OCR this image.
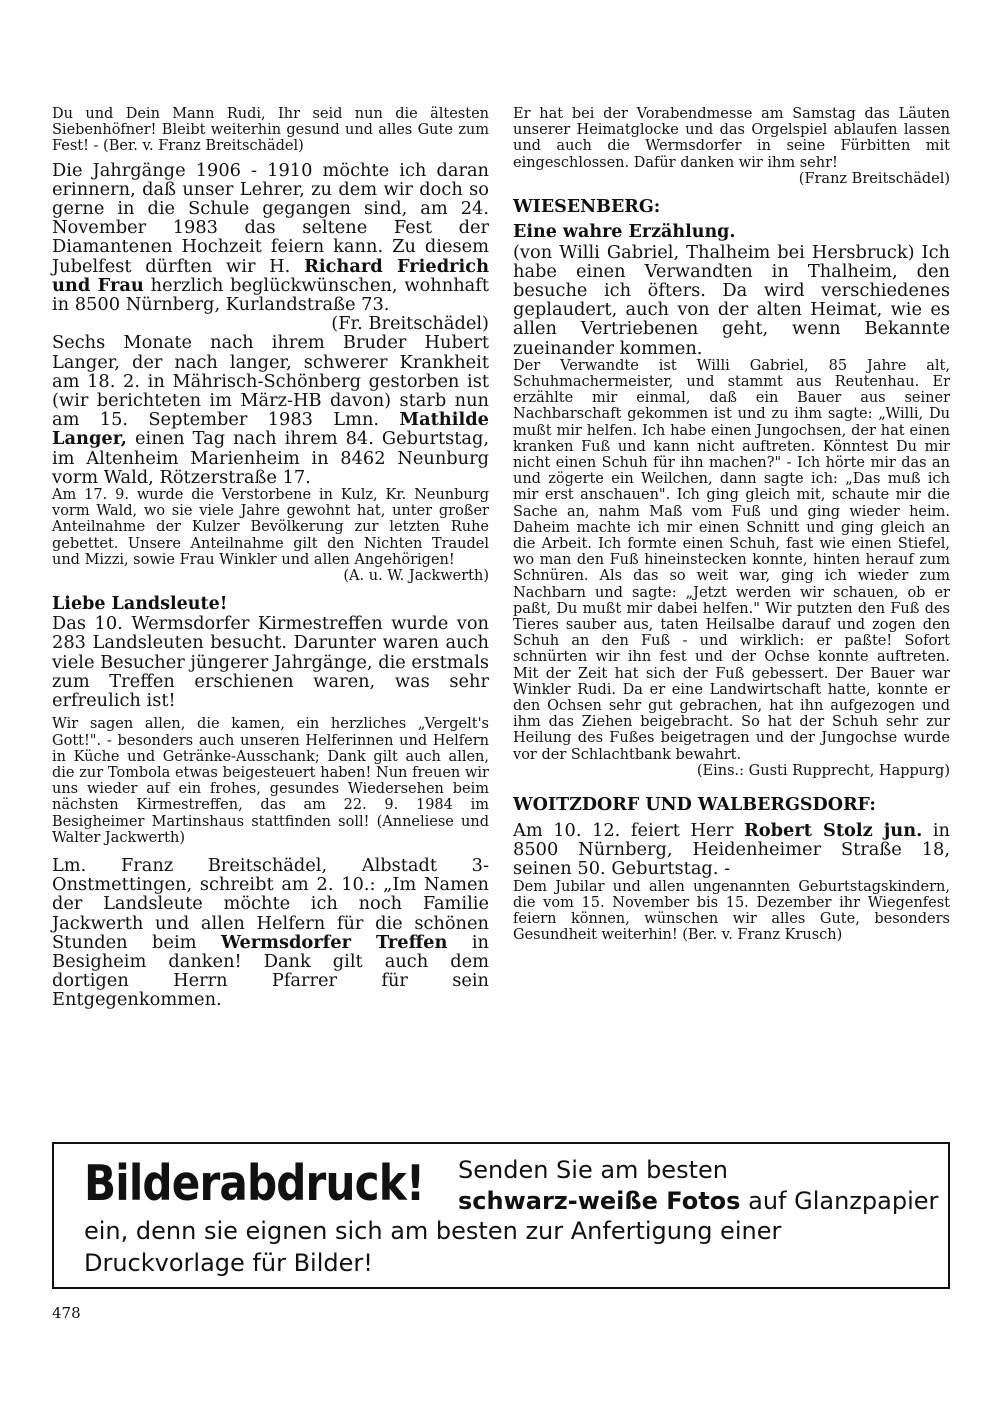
Du und Dein Mann Rudi, Ihr seid nun die ältesten Siebenhöfner! Bleibt weiterhin gesund und alles Gute zum Fest! - (Ber. v. Franz Breitschädel)

Die Jahrgänge 1906 - 1910 möchte ich daran erinnern, daß unser Lehrer, zu dem wir doch so gerne in die Schule gegangen sind, am 24. November 1983 das seltene Fest der Diamantenen Hochzeit feiern kann. Zu diesem Jubelfest dürften wir H. Richard Friedrich und Frau herzlich beglückwünschen, wohnhaft in 8500 Nürnberg, Kurlandstraße 73.

(Fr. Breitschädel)

Sechs Monate nach ihrem Bruder Hubert Langer, der nach langer, schwerer Krankheit am 18. 2. in Mährisch-Schönberg gestorben ist (wir berichteten im März-HB davon) starb nun am 15. September 1983 Lmn. Mathilde Langer, einen Tag nach ihrem 84. Geburtstag, im Altenheim Marienheim in 8462 Neunburg vorm Wald, Rötzerstraße 17.

Am 17. 9. wurde die Verstorbene in Kulz, Kr. Neunburg vorm Wald, wo sie viele Jahre gewohnt hat, unter großer Anteilnahme der Kulzer Bevölkerung zur letzten Ruhe gebettet. Unsere Anteilnahme gilt den Nichten Traudel und Mizzi, sowie Frau Winkler und allen Angehörigen!

(A. u. W. Jackwerth)

Liebe Landsleute!

Das 10. Wermsdorfer Kirmestreffen wurde von 283 Landsleuten besucht. Darunter waren auch viele Besucher jüngerer Jahrgänge, die erstmals zum Treffen erschienen waren, was sehr erfreulich ist!

Wir sagen allen, die kamen, ein herzliches „Vergelt's Gott!". - besonders auch unseren Helferinnen und Helfern in Küche und Getränke-Ausschank; Dank gilt auch allen, die zur Tombola etwas beigesteuert haben! Nun freuen wir uns wieder auf ein frohes, gesundes Wiedersehen beim nächsten Kirmestreffen, das am 22. 9. 1984 im Besigheimer Martinshaus stattfinden soll! (Anneliese und Walter Jackwerth)

Lm. Franz Breitschädel, Albstadt 3-Onstmettingen, schreibt am 2. 10.: „Im Namen der Landsleute möchte ich noch Familie Jackwerth und allen Helfern für die schönen Stunden beim Wermsdorfer Treffen in Besigheim danken! Dank gilt auch dem dortigen Herrn Pfarrer für sein Entgegenkommen.

Er hat bei der Vorabendmesse am Samstag das Läuten unserer Heimatglocke und das Orgelspiel ablaufen lassen und auch die Wermsdorfer in seine Fürbitten mit eingeschlossen. Dafür danken wir ihm sehr!

(Franz Breitschädel)

WIESENBERG:

Eine wahre Erzählung.

(von Willi Gabriel, Thalheim bei Hersbruck) Ich habe einen Verwandten in Thalheim, den besuche ich öfters. Da wird verschiedenes geplaudert, auch von der alten Heimat, wie es allen Vertriebenen geht, wenn Bekannte zueinander kommen.

Der Verwandte ist Willi Gabriel, 85 Jahre alt, Schuhmachermeister, und stammt aus Reutenhau. Er erzählte mir einmal, daß ein Bauer aus seiner Nachbarschaft gekommen ist und zu ihm sagte: „Willi, Du mußt mir helfen. Ich habe einen Jungochsen, der hat einen kranken Fuß und kann nicht auftreten. Könntest Du mir nicht einen Schuh für ihn machen?" - Ich hörte mir das an und zögerte ein Weilchen, dann sagte ich: „Das muß ich mir erst anschauen". Ich ging gleich mit, schaute mir die Sache an, nahm Maß vom Fuß und ging wieder heim. Daheim machte ich mir einen Schnitt und ging gleich an die Arbeit. Ich formte einen Schuh, fast wie einen Stiefel, wo man den Fuß hineinstecken konnte, hinten herauf zum Schnüren. Als das so weit war, ging ich wieder zum Nachbarn und sagte: „Jetzt werden wir schauen, ob er paßt, Du mußt mir dabei helfen." Wir putzten den Fuß des Tieres sauber aus, taten Heilsalbe darauf und zogen den Schuh an den Fuß - und wirklich: er paßte! Sofort schnürten wir ihn fest und der Ochse konnte auftreten. Mit der Zeit hat sich der Fuß gebessert. Der Bauer war Winkler Rudi. Da er eine Landwirtschaft hatte, konnte er den Ochsen sehr gut gebrachen, hat ihn aufgezogen und ihm das Ziehen beigebracht. So hat der Schuh sehr zur Heilung des Fußes beigetragen und der Jungochse wurde vor der Schlachtbank bewahrt.

(Eins.: Gusti Rupprecht, Happurg)

WOITZDORF UND WALBERGSDORF:

Am 10. 12. feiert Herr Robert Stolz jun. in 8500 Nürnberg, Heidenheimer Straße 18, seinen 50. Geburtstag. -

Dem Jubilar und allen ungenannten Geburtstagskindern, die vom 15. November bis 15. Dezember ihr Wiegenfest feiern können, wünschen wir alles Gute, besonders Gesundheit weiterhin! (Ber. v. Franz Krusch)

Bilderabdruck! Senden Sie am besten
schwarz-weiße Fotos auf Glanzpapier
ein, denn sie eignen sich am besten zur Anfertigung einer
Druckvorlage für Bilder!
478
